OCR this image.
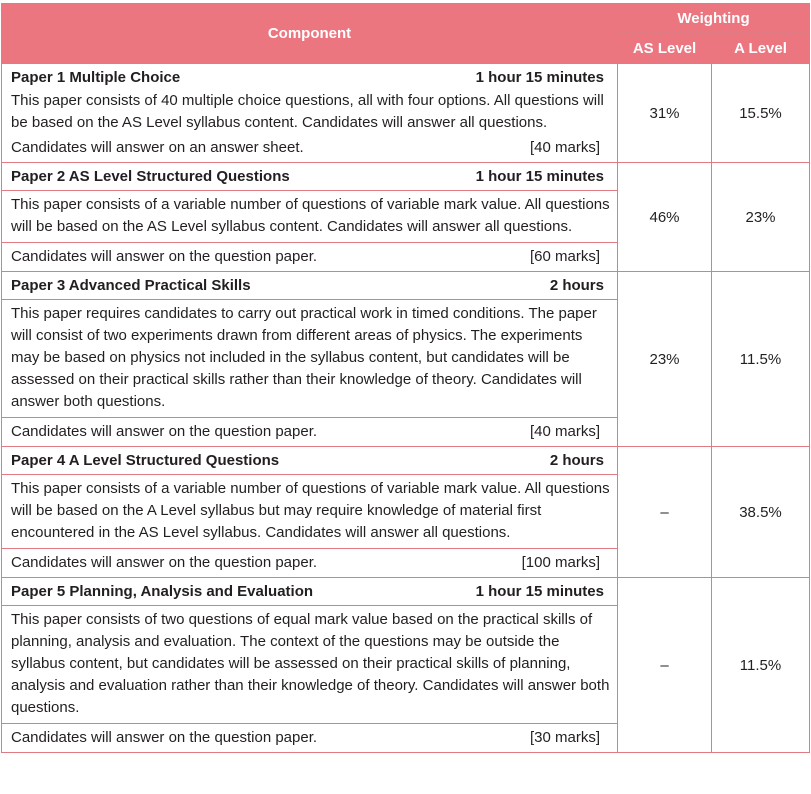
Component	Weighting	
	AS Level	A Level

Paper 1 Multiple Choice 1 hour 15 minutes
This paper consists of 40 multiple choice questions, all with four options. All questions will be based on the AS Level syllabus content. Candidates will answer all questions.
Candidates will answer on an answer sheet. [40 marks]	31%	15.5%

Paper 2 AS Level Structured Questions 1 hour 15 minutes
This paper consists of a variable number of questions of variable mark value. All questions will be based on the AS Level syllabus content. Candidates will answer all questions.
Candidates will answer on the question paper. [60 marks]	46%	23%

Paper 3 Advanced Practical Skills 2 hours
This paper requires candidates to carry out practical work in timed conditions. The paper will consist of two experiments drawn from different areas of physics. The experiments may be based on physics not included in the syllabus content, but candidates will be assessed on their practical skills rather than their knowledge of theory. Candidates will answer both questions.
Candidates will answer on the question paper. [40 marks]	23%	11.5%

Paper 4 A Level Structured Questions 2 hours
This paper consists of a variable number of questions of variable mark value. All questions will be based on the A Level syllabus but may require knowledge of material first encountered in the AS Level syllabus. Candidates will answer all questions.
Candidates will answer on the question paper. [100 marks]	–	38.5%

Paper 5 Planning, Analysis and Evaluation 1 hour 15 minutes
This paper consists of two questions of equal mark value based on the practical skills of planning, analysis and evaluation. The context of the questions may be outside the syllabus content, but candidates will be assessed on their practical skills of planning, analysis and evaluation rather than their knowledge of theory. Candidates will answer both questions.
Candidates will answer on the question paper. [30 marks]	–	11.5%
